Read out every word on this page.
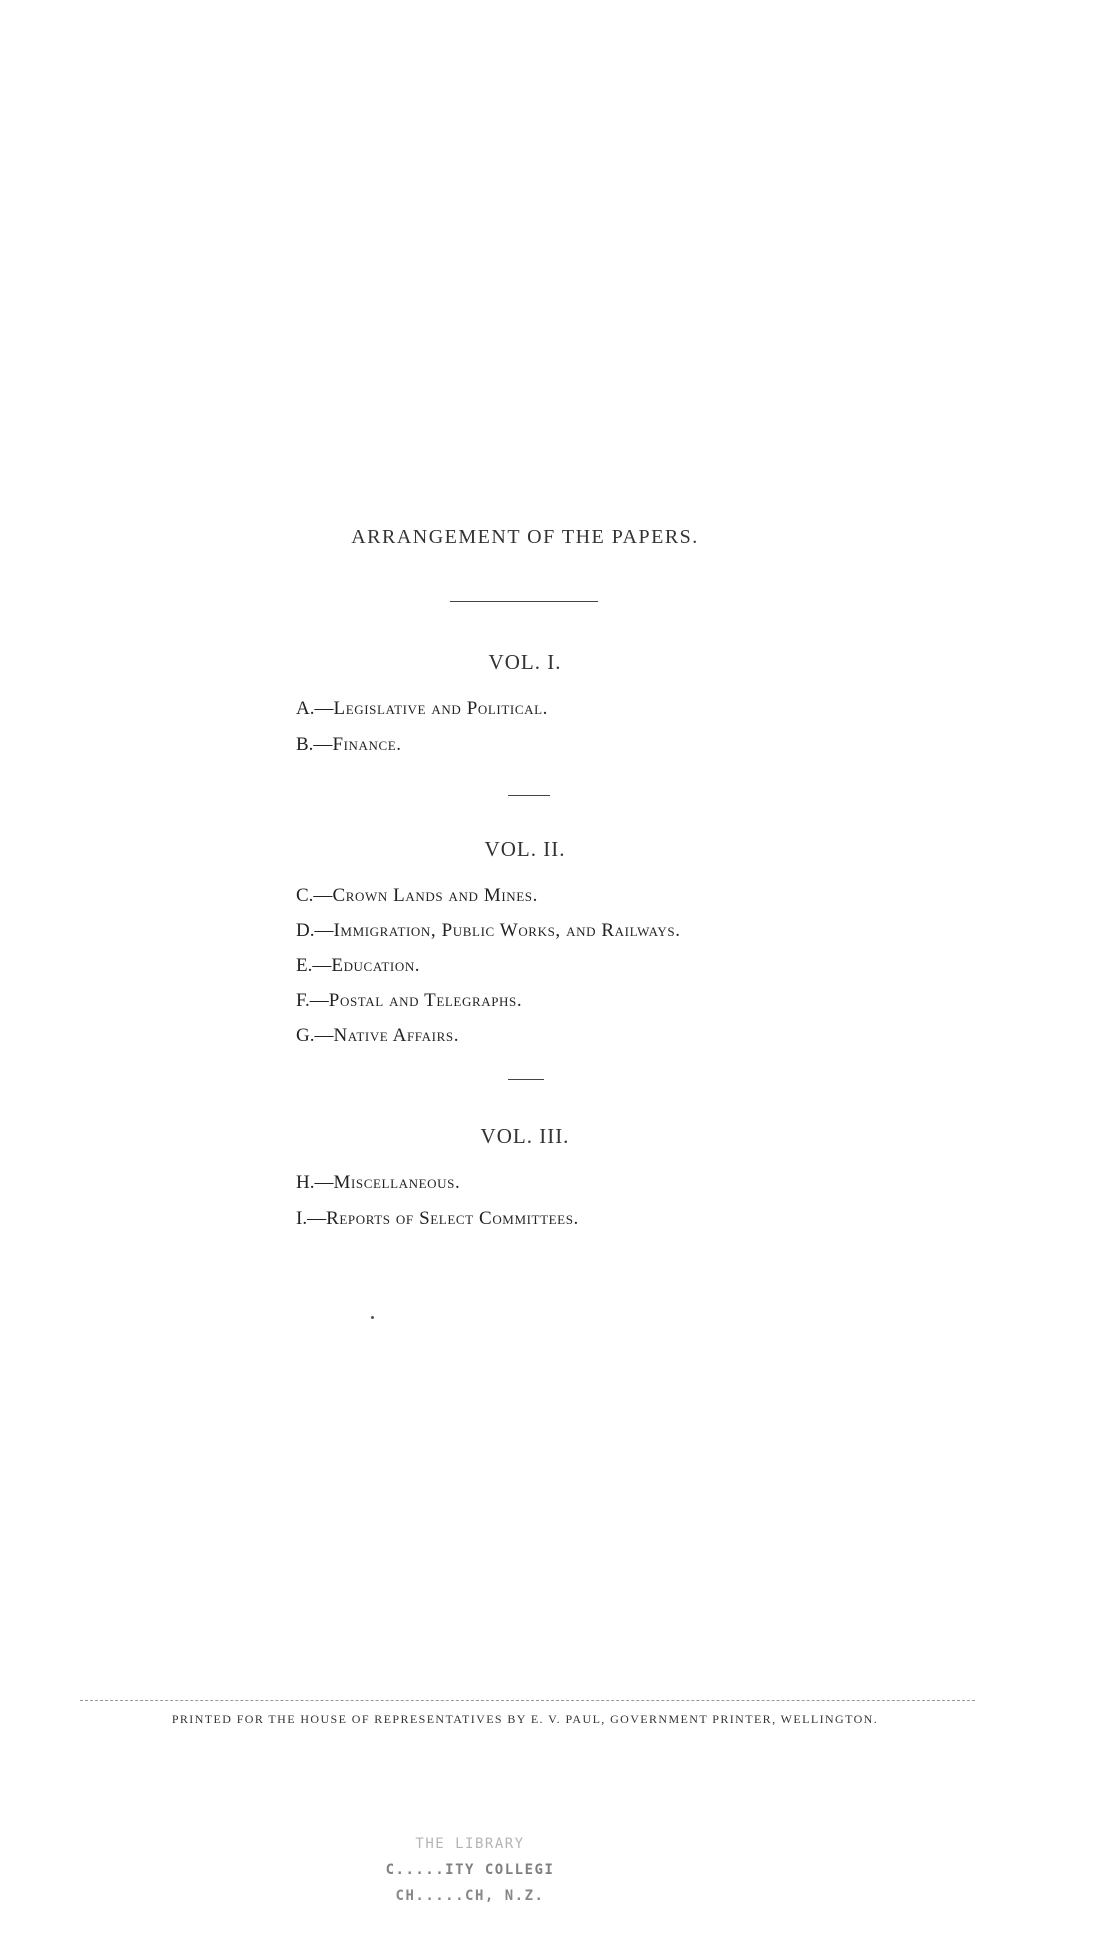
ARRANGEMENT OF THE PAPERS.
VOL. I.
A.—Legislative and Political.
B.—Finance.
VOL. II.
C.—Crown Lands and Mines.
D.—Immigration, Public Works, and Railways.
E.—Education.
F.—Postal and Telegraphs.
G.—Native Affairs.
VOL. III.
H.—Miscellaneous.
I.—Reports of Select Committees.
PRINTED FOR THE HOUSE OF REPRESENTATIVES BY E. V. PAUL, GOVERNMENT PRINTER, WELLINGTON.
THE LIBRARY
C.....ITY COLLEGI
CH.....CH, N.Z.
